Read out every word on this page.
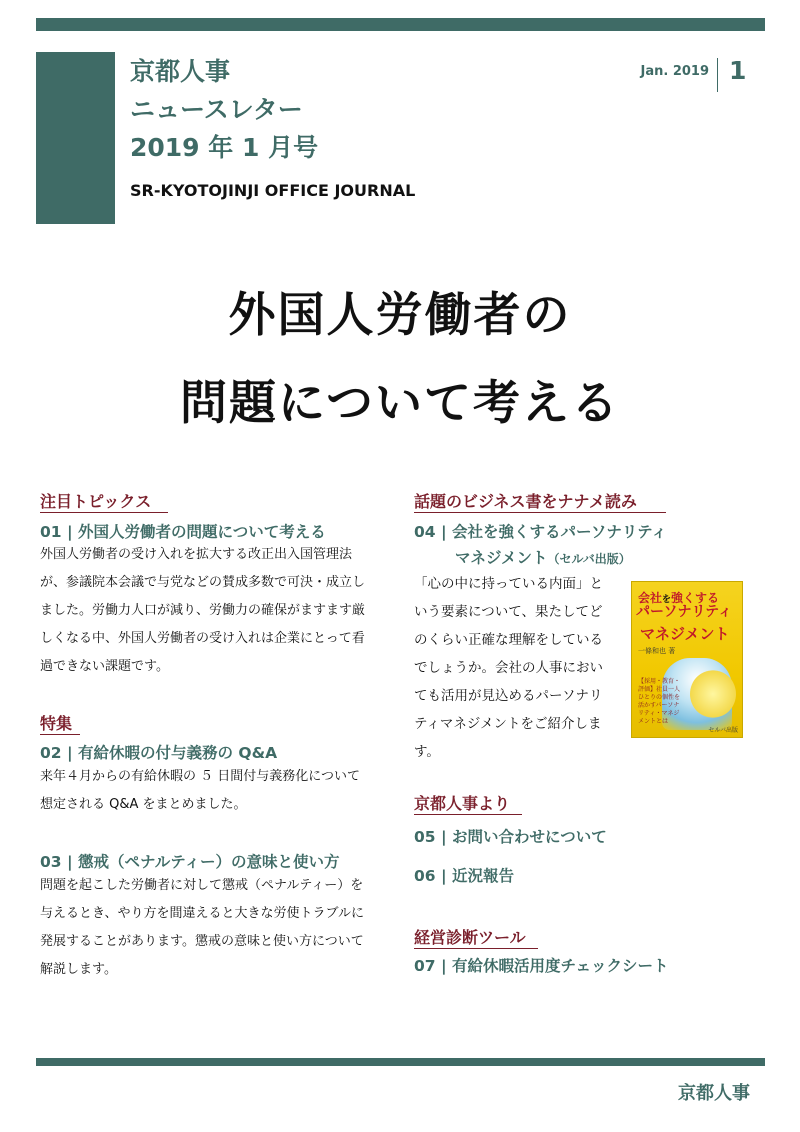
京都人事
ニュースレター
2019 年 1 月号
SR-KYOTOJINJI OFFICE JOURNAL
Jan. 2019 1
外国人労働者の
問題について考える
注目トピックス
01 | 外国人労働者の問題について考える
外国人労働者の受け入れを拡大する改正出入国管理法
が、参議院本会議で与党などの賛成多数で可決・成立し
ました。労働力人口が減り、労働力の確保がますます厳
しくなる中、外国人労働者の受け入れは企業にとって看
過できない課題です。
特集
02 | 有給休暇の付与義務の Q&A
来年４月からの有給休暇の ５ 日間付与義務化について
想定される Q&A をまとめました。
03 | 懲戒（ペナルティー）の意味と使い方
問題を起こした労働者に対して懲戒（ペナルティー）を
与えるとき、やり方を間違えると大きな労使トラブルに
発展することがあります。懲戒の意味と使い方について
解説します。
話題のビジネス書をナナメ読み
04 | 会社を強くするパーソナリティ
マネジメント（セルバ出版）
「心の中に持っている内面」と
いう要素について、果たしてど
のくらい正確な理解をしている
でしょうか。会社の人事におい
ても活用が見込めるパーソナリ
ティマネジメントをご紹介しま
す。
会社を強くする
パーソナリティ
マネジメント
一條和也 著
【採用・教育・評価】社員一人ひとりの個性を活かすパーソナリティ・マネジメントとは
セルバ出版
京都人事より
05 | お問い合わせについて
06 | 近況報告
経営診断ツール
07 | 有給休暇活用度チェックシート
京都人事
